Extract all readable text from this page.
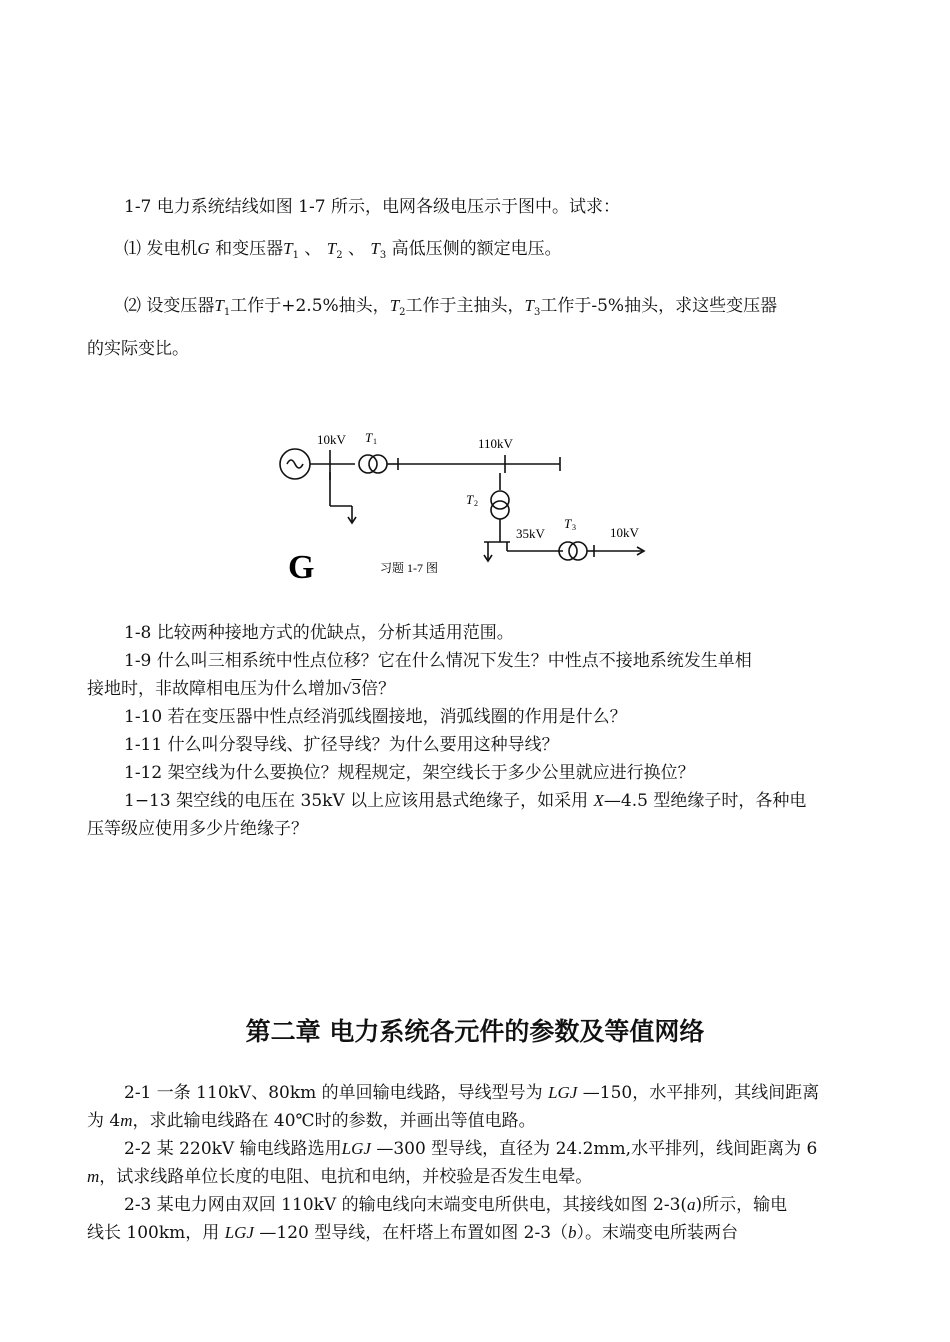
1-7 电力系统结线如图 1-7 所示，电网各级电压示于图中。试求：
⑴ 发电机G 和变压器$T_1$ 、 $T_2$ 、 $T_3$ 高低压侧的额定电压。
⑵ 设变压器$T_1$工作于+2.5%抽头，$T_2$工作于主抽头，$T_3$工作于-5%抽头，求这些变压器
的实际变比。
10kV T 1	110kV
T 2
35kV
T 3	10kV
G	习题 1-7 图
1-8 比较两种接地方式的优缺点，分析其适用范围。
1-9 什么叫三相系统中性点位移？它在什么情况下发生？中性点不接地系统发生单相
接地时，非故障相电压为什么增加√3倍？
1-10 若在变压器中性点经消弧线圈接地，消弧线圈的作用是什么？
1-11 什么叫分裂导线、扩径导线？为什么要用这种导线？
1-12 架空线为什么要换位？规程规定，架空线长于多少公里就应进行换位？
1−13 架空线的电压在 35kV 以上应该用悬式绝缘子，如采用 X—4.5 型绝缘子时，各种电
压等级应使用多少片绝缘子？
第二章 电力系统各元件的参数及等值网络
2-1 一条 110kV、80km 的单回输电线路，导线型号为 LGJ —150，水平排列，其线间距离
为 4m，求此输电线路在 40℃时的参数，并画出等值电路。
2-2 某 220kV 输电线路选用LGJ —300 型导线，直径为 24.2mm,水平排列，线间距离为 6
m，试求线路单位长度的电阻、电抗和电纳，并校验是否发生电晕。
2-3 某电力网由双回 110kV 的输电线向末端变电所供电，其接线如图 2-3(a)所示，输电
线长 100km，用 LGJ —120 型导线，在杆塔上布置如图 2-3（b）。末端变电所装两台
